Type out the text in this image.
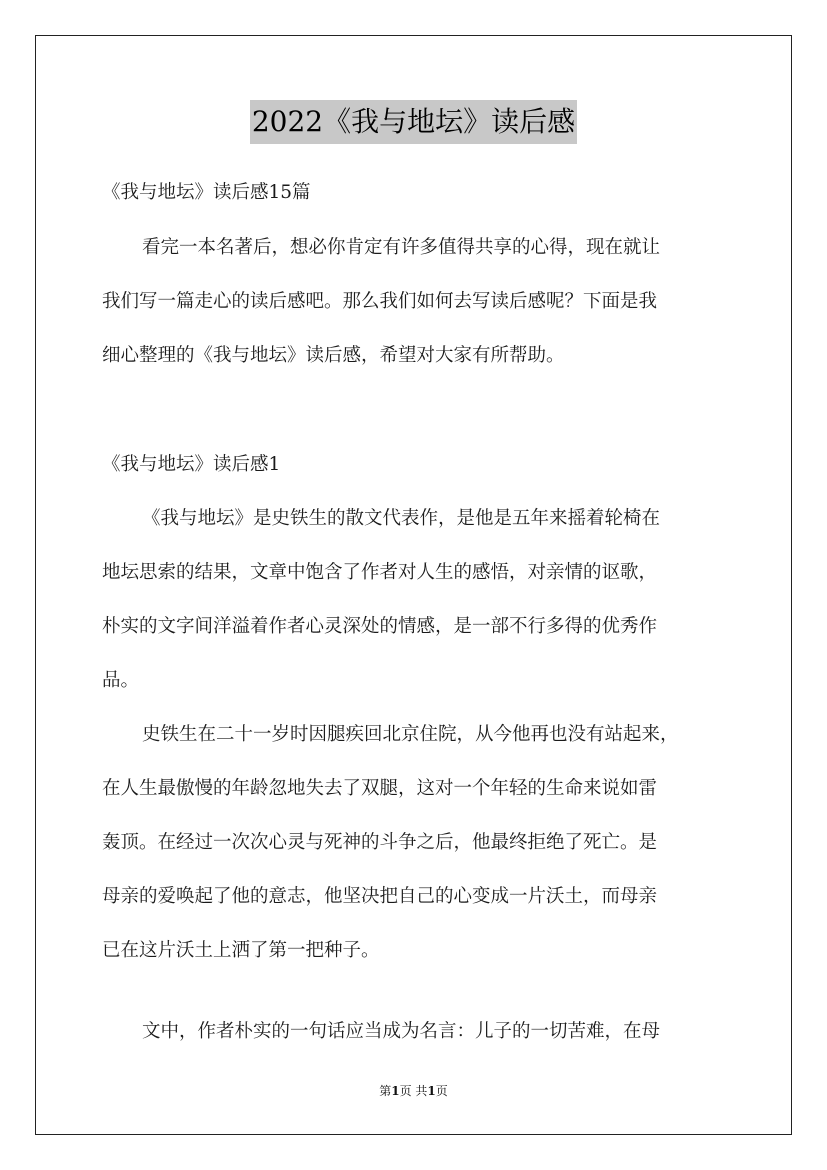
2022《我与地坛》读后感
《我与地坛》读后感15篇
看完一本名著后，想必你肯定有许多值得共享的心得，现在就让
我们写一篇走心的读后感吧。那么我们如何去写读后感呢？下面是我
细心整理的《我与地坛》读后感，希望对大家有所帮助。
《我与地坛》读后感1
《我与地坛》是史铁生的散文代表作，是他是五年来摇着轮椅在
地坛思索的结果，文章中饱含了作者对人生的感悟，对亲情的讴歌，
朴实的文字间洋溢着作者心灵深处的情感，是一部不行多得的优秀作
品。
史铁生在二十一岁时因腿疾回北京住院，从今他再也没有站起来，
在人生最傲慢的年龄忽地失去了双腿，这对一个年轻的生命来说如雷
轰顶。在经过一次次心灵与死神的斗争之后，他最终拒绝了死亡。是
母亲的爱唤起了他的意志，他坚决把自己的心变成一片沃土，而母亲
已在这片沃土上洒了第一把种子。
文中，作者朴实的一句话应当成为名言：儿子的一切苦难，在母
第1页 共1页
